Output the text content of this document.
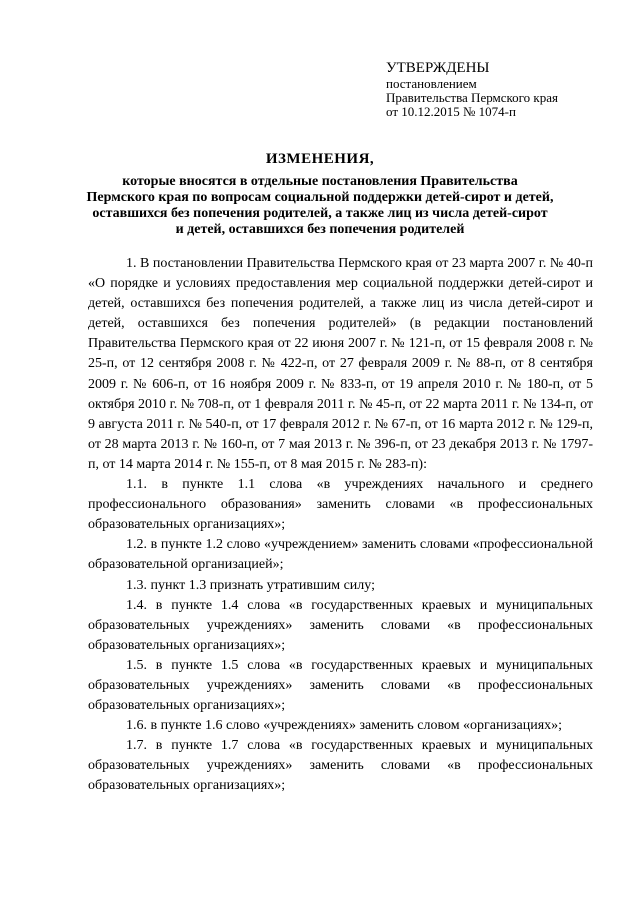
УТВЕРЖДЕНЫ
постановлением
Правительства Пермского края
от 10.12.2015 № 1074-п
ИЗМЕНЕНИЯ,
которые вносятся в отдельные постановления Правительства
Пермского края по вопросам социальной поддержки детей-сирот и детей,
оставшихся без попечения родителей, а также лиц из числа детей-сирот
и детей, оставшихся без попечения родителей

1. В постановлении Правительства Пермского края от 23 марта 2007 г. № 40-п «О порядке и условиях предоставления мер социальной поддержки детей-сирот и детей, оставшихся без попечения родителей, а также лиц из числа детей-сирот и детей, оставшихся без попечения родителей» (в редакции постановлений Правительства Пермского края от 22 июня 2007 г. № 121-п, от 15 февраля 2008 г. № 25-п, от 12 сентября 2008 г. № 422-п, от 27 февраля 2009 г. № 88-п, от 8 сентября 2009 г. № 606-п, от 16 ноября 2009 г. № 833-п, от 19 апреля 2010 г. № 180-п, от 5 октября 2010 г. № 708-п, от 1 февраля 2011 г. № 45-п, от 22 марта 2011 г. № 134-п, от 9 августа 2011 г. № 540-п, от 17 февраля 2012 г. № 67-п, от 16 марта 2012 г. № 129-п, от 28 марта 2013 г. № 160-п, от 7 мая 2013 г. № 396-п, от 23 декабря 2013 г. № 1797-п, от 14 марта 2014 г. № 155-п, от 8 мая 2015 г. № 283-п):

1.1. в пункте 1.1 слова «в учреждениях начального и среднего профессионального образования» заменить словами «в профессиональных образовательных организациях»;

1.2. в пункте 1.2 слово «учреждением» заменить словами «профессиональной образовательной организацией»;

1.3. пункт 1.3 признать утратившим силу;

1.4. в пункте 1.4 слова «в государственных краевых и муниципальных образовательных учреждениях» заменить словами «в профессиональных образовательных организациях»;

1.5. в пункте 1.5 слова «в государственных краевых и муниципальных образовательных учреждениях» заменить словами «в профессиональных образовательных организациях»;

1.6. в пункте 1.6 слово «учреждениях» заменить словом «организациях»;

1.7. в пункте 1.7 слова «в государственных краевых и муниципальных образовательных учреждениях» заменить словами «в профессиональных образовательных организациях»;
